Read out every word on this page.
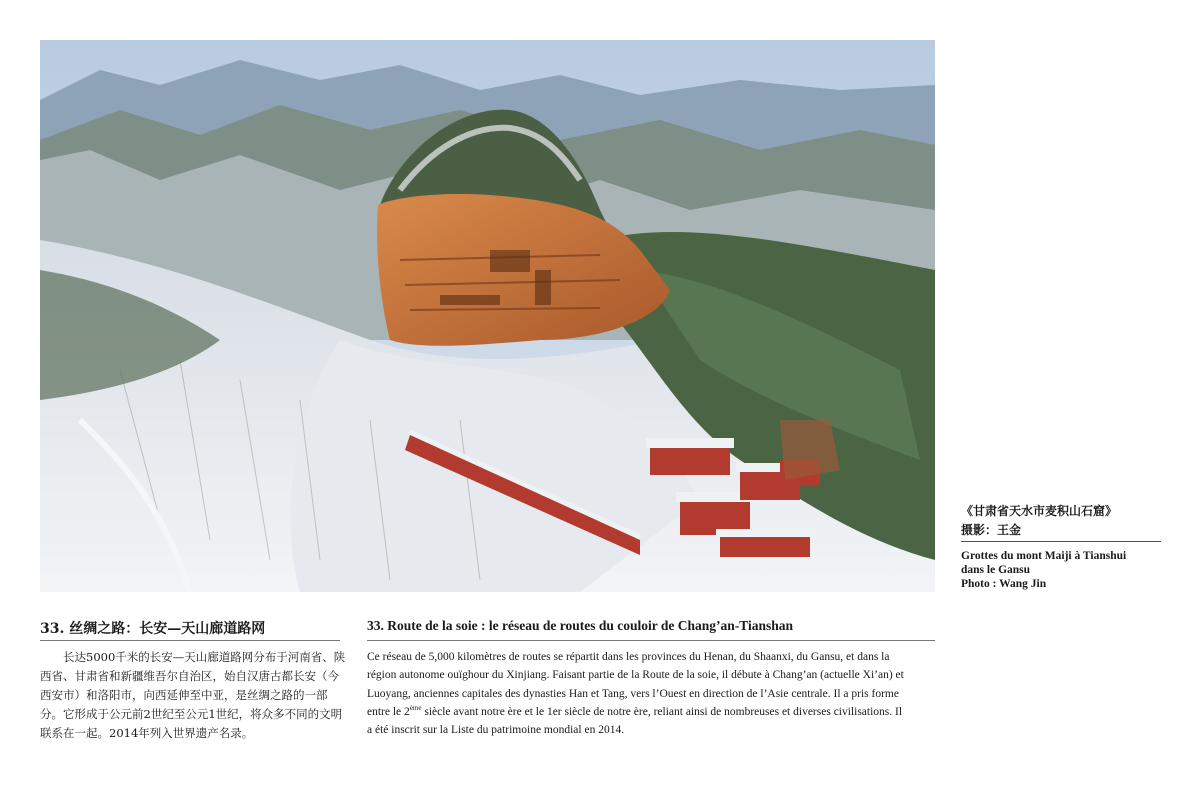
《甘肃省天水市麦积山石窟》
摄影：王金
Grottes du mont Maiji à Tianshui
dans le Gansu
Photo : Wang Jin
33. 丝绸之路：长安—天山廊道路网
长达5000千米的长安—天山廊道路网分布于河南省、陕
西省、甘肃省和新疆维吾尔自治区，始自汉唐古都长安（今
西安市）和洛阳市，向西延伸至中亚，是丝绸之路的一部
分。它形成于公元前2世纪至公元1世纪，将众多不同的文明
联系在一起。2014年列入世界遗产名录。
33. Route de la soie : le réseau de routes du couloir de Chang’an-Tianshan
Ce réseau de 5,000 kilomètres de routes se répartit dans les provinces du Henan, du Shaanxi, du Gansu, et dans la
région autonome ouïghour du Xinjiang. Faisant partie de la Route de la soie, il débute à Chang’an (actuelle Xi’an) et
Luoyang, anciennes capitales des dynasties Han et Tang, vers l’Ouest en direction de l’Asie centrale. Il a pris forme
entre le 2ème siècle avant notre ère et le 1er siècle de notre ère, reliant ainsi de nombreuses et diverses civilisations. Il
a été inscrit sur la Liste du patrimoine mondial en 2014.
